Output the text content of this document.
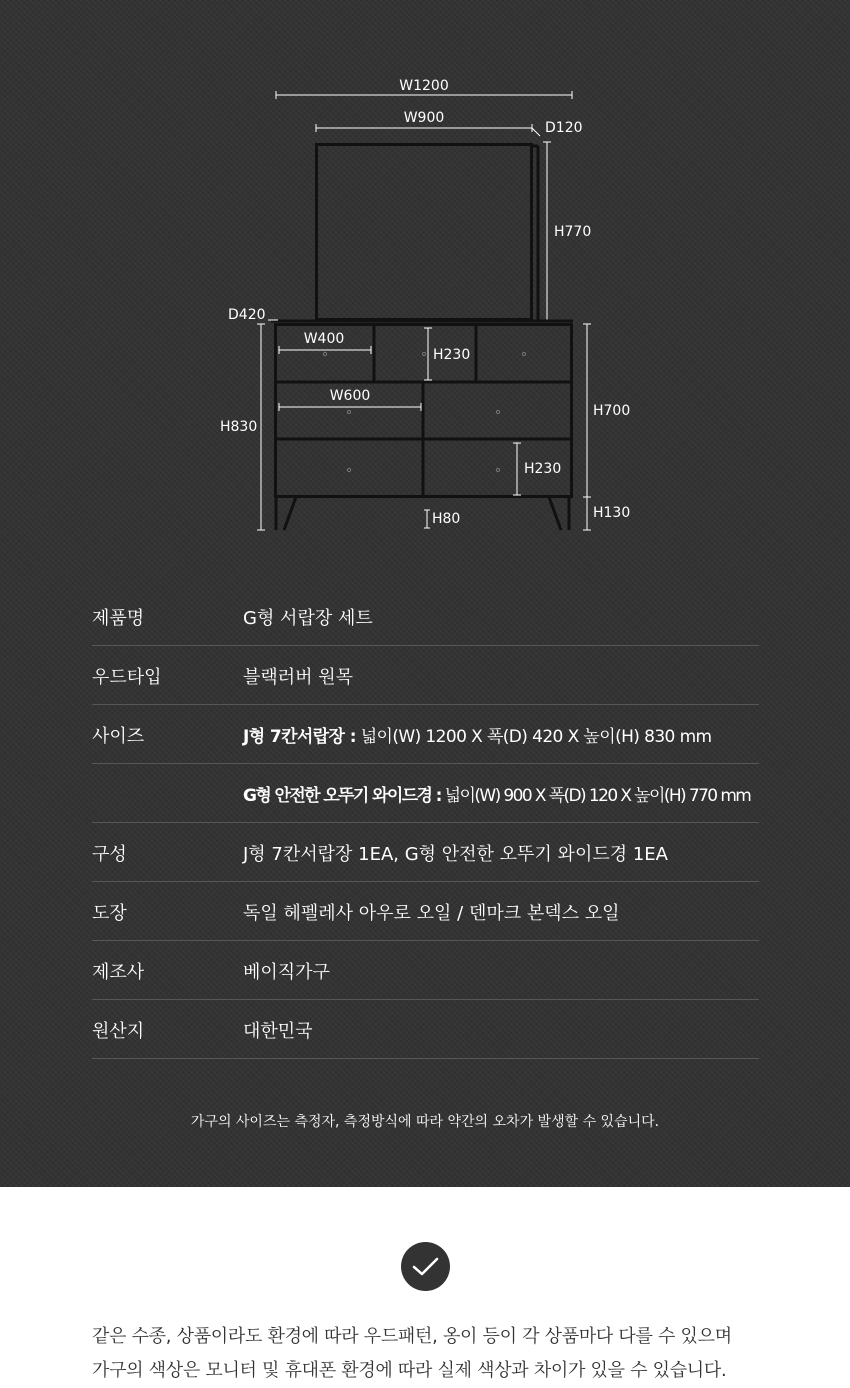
W1200
W900
D120
H770
D420
W400
H230
W600
H700
H830
H230
H80	H130
제품명	G형 서랍장 세트
우드타입	블랙러버 원목
사이즈	J형 7칸서랍장 : 넓이(W) 1200 X 폭(D) 420 X 높이(H) 830 mm
G형 안전한 오뚜기 와이드경 : 넓이(W) 900 X 폭(D) 120 X 높이(H) 770 mm
구성	J형 7칸서랍장 1EA, G형 안전한 오뚜기 와이드경 1EA
도장	독일 헤펠레사 아우로 오일 / 덴마크 본덱스 오일
제조사	베이직가구
원산지	대한민국
가구의 사이즈는 측정자, 측정방식에 따라 약간의 오차가 발생할 수 있습니다.
같은 수종, 상품이라도 환경에 따라 우드패턴, 옹이 등이 각 상품마다 다를 수 있으며
가구의 색상은 모니터 및 휴대폰 환경에 따라 실제 색상과 차이가 있을 수 있습니다.
